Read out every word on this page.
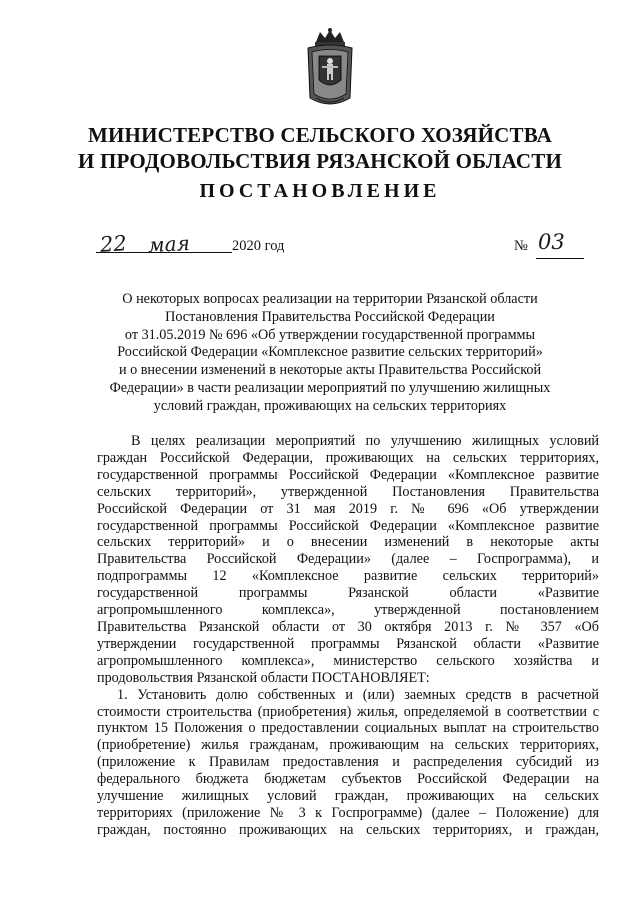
МИНИСТЕРСТВО СЕЛЬСКОГО ХОЗЯЙСТВА
И ПРОДОВОЛЬСТВИЯ РЯЗАНСКОЙ ОБЛАСТИ
ПОСТАНОВЛЕНИЕ
22 мая	2020 год	№ 03
О некоторых вопросах реализации на территории Рязанской области
Постановления Правительства Российской Федерации
от 31.05.2019 № 696 «Об утверждении государственной программы
Российской Федерации «Комплексное развитие сельских территорий»
и о внесении изменений в некоторые акты Правительства Российской
Федерации» в части реализации мероприятий по улучшению жилищных
условий граждан, проживающих на сельских территориях
В целях реализации мероприятий по улучшению жилищных условий
граждан Российской Федерации, проживающих на сельских территориях,
государственной программы Российской Федерации «Комплексное развитие
сельских территорий», утвержденной Постановления Правительства
Российской Федерации от 31 мая 2019 г. № 696 «Об утверждении
государственной программы Российской Федерации «Комплексное развитие
сельских территорий» и о внесении изменений в некоторые акты
Правительства Российской Федерации» (далее – Госпрограмма), и
подпрограммы 12 «Комплексное развитие сельских территорий»
государственной программы Рязанской области «Развитие
агропромышленного комплекса», утвержденной постановлением
Правительства Рязанской области от 30 октября 2013 г. № 357 «Об
утверждении государственной программы Рязанской области «Развитие
агропромышленного комплекса», министерство сельского хозяйства и
продовольствия Рязанской области ПОСТАНОВЛЯЕТ:
1. Установить долю собственных и (или) заемных средств в расчетной
стоимости строительства (приобретения) жилья, определяемой в соответствии с
пунктом 15 Положения о предоставлении социальных выплат на строительство
(приобретение) жилья гражданам, проживающим на сельских территориях,
(приложение к Правилам предоставления и распределения субсидий из
федерального бюджета бюджетам субъектов Российской Федерации на
улучшение жилищных условий граждан, проживающих на сельских
территориях (приложение № 3 к Госпрограмме) (далее – Положение) для
граждан, постоянно проживающих на сельских территориях, и граждан,
